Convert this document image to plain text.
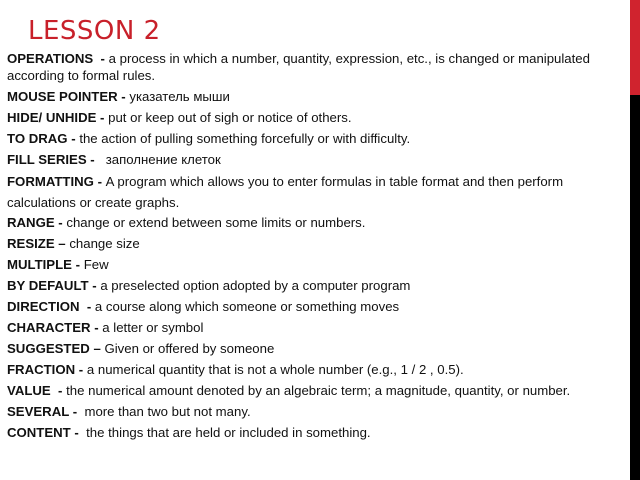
LESSON 2
OPERATIONS  - a process in which a number, quantity, expression, etc., is changed or manipulated according to formal rules.
MOUSE POINTER - указатель мыши
HIDE/ UNHIDE - put or keep out of sigh or notice of others.
TO DRAG - the action of pulling something forcefully or with difficulty.
FILL SERIES -   заполнение клеток
FORMATTING - A program which allows you to enter formulas in table format and then perform calculations or create graphs.
RANGE - change or extend between some limits or numbers.
RESIZE – change size
MULTIPLE - Few
BY DEFAULT - a preselected option adopted by a computer program
DIRECTION  - a course along which someone or something moves
CHARACTER - a letter or symbol
SUGGESTED – Given or offered by someone
FRACTION - a numerical quantity that is not a whole number (e.g., 1 / 2 , 0.5).
VALUE  - the numerical amount denoted by an algebraic term; a magnitude, quantity, or number.
SEVERAL -  more than two but not many.
CONTENT -  the things that are held or included in something.
